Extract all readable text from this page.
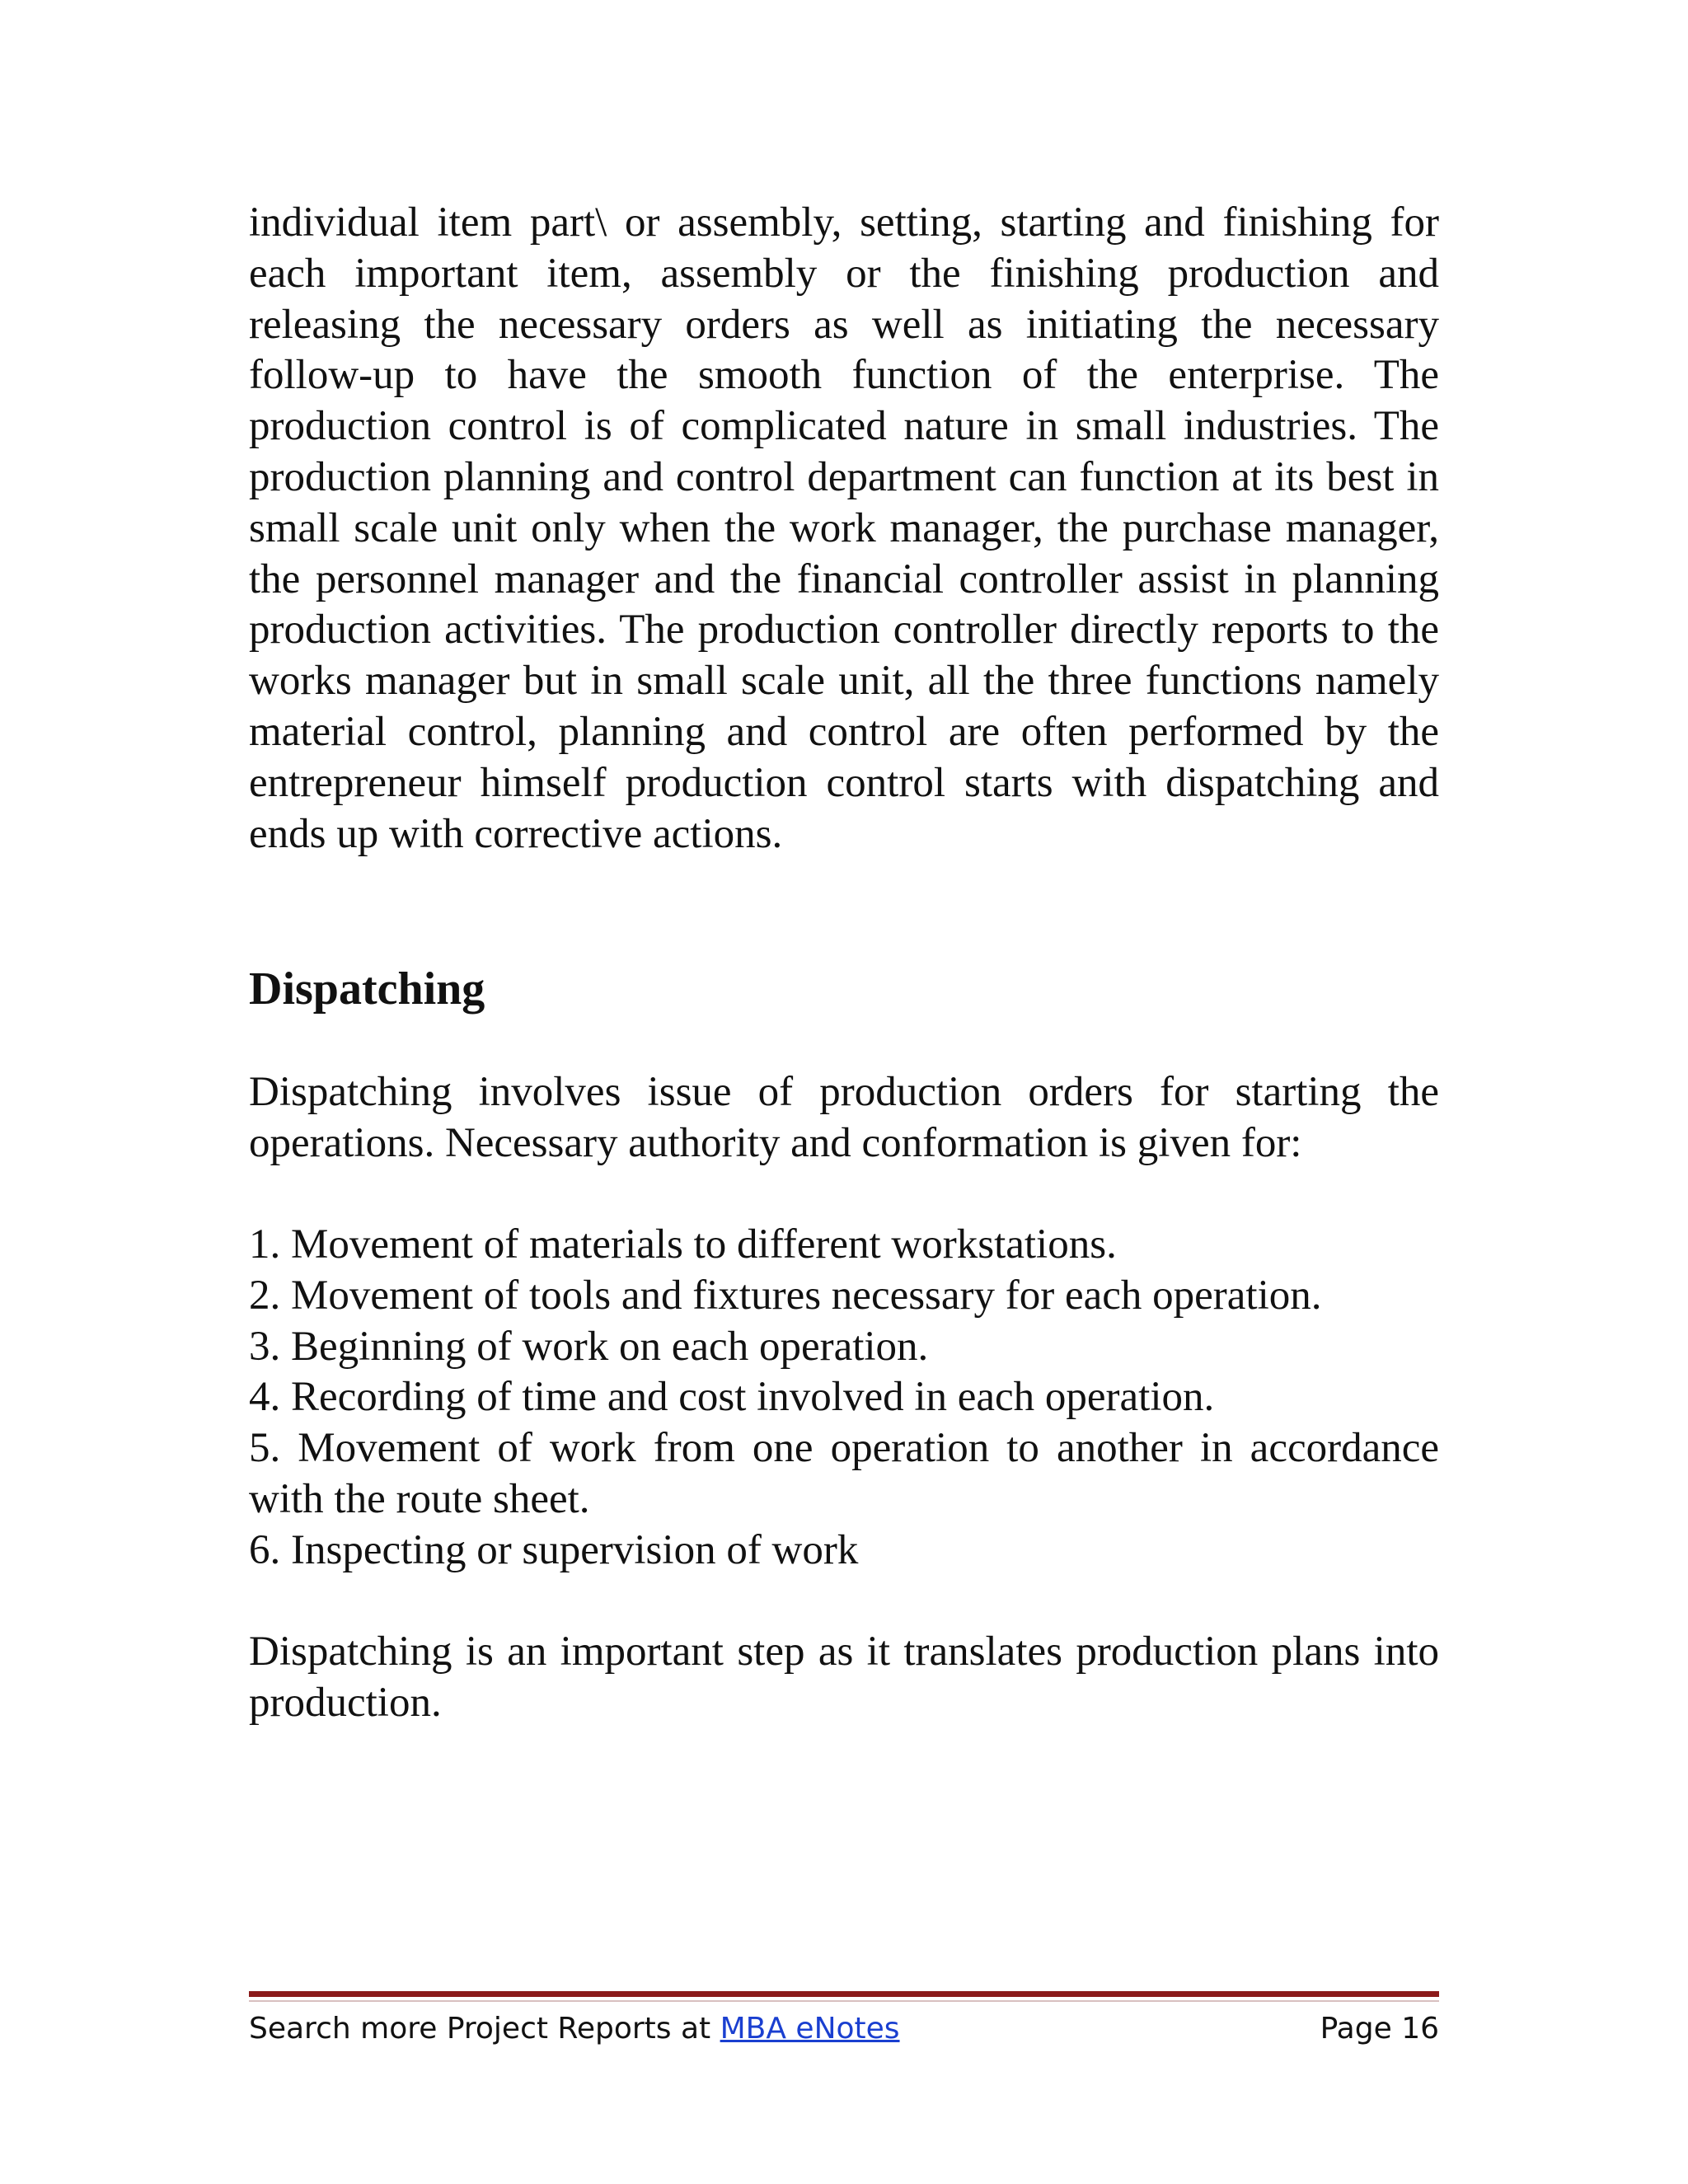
individual item part\ or assembly, setting, starting and finishing for each important item, assembly or the finishing production and releasing the necessary orders as well as initiating the necessary follow-up to have the smooth function of the enterprise. The production control is of complicated nature in small industries. The production planning and control department can function at its best in small scale unit only when the work manager, the purchase manager, the personnel manager and the financial controller assist in planning production activities. The production controller directly reports to the works manager but in small scale unit, all the three functions namely material control, planning and control are often performed by the entrepreneur himself production control starts with dispatching and ends up with corrective actions.

Dispatching

Dispatching involves issue of production orders for starting the operations. Necessary authority and conformation is given for:

1. Movement of materials to different workstations.
2. Movement of tools and fixtures necessary for each operation.
3. Beginning of work on each operation.
4. Recording of time and cost involved in each operation.
5. Movement of work from one operation to another in accordance with the route sheet.
6. Inspecting or supervision of work

Dispatching is an important step as it translates production plans into production.

Search more Project Reports at MBA eNotes	Page 16
